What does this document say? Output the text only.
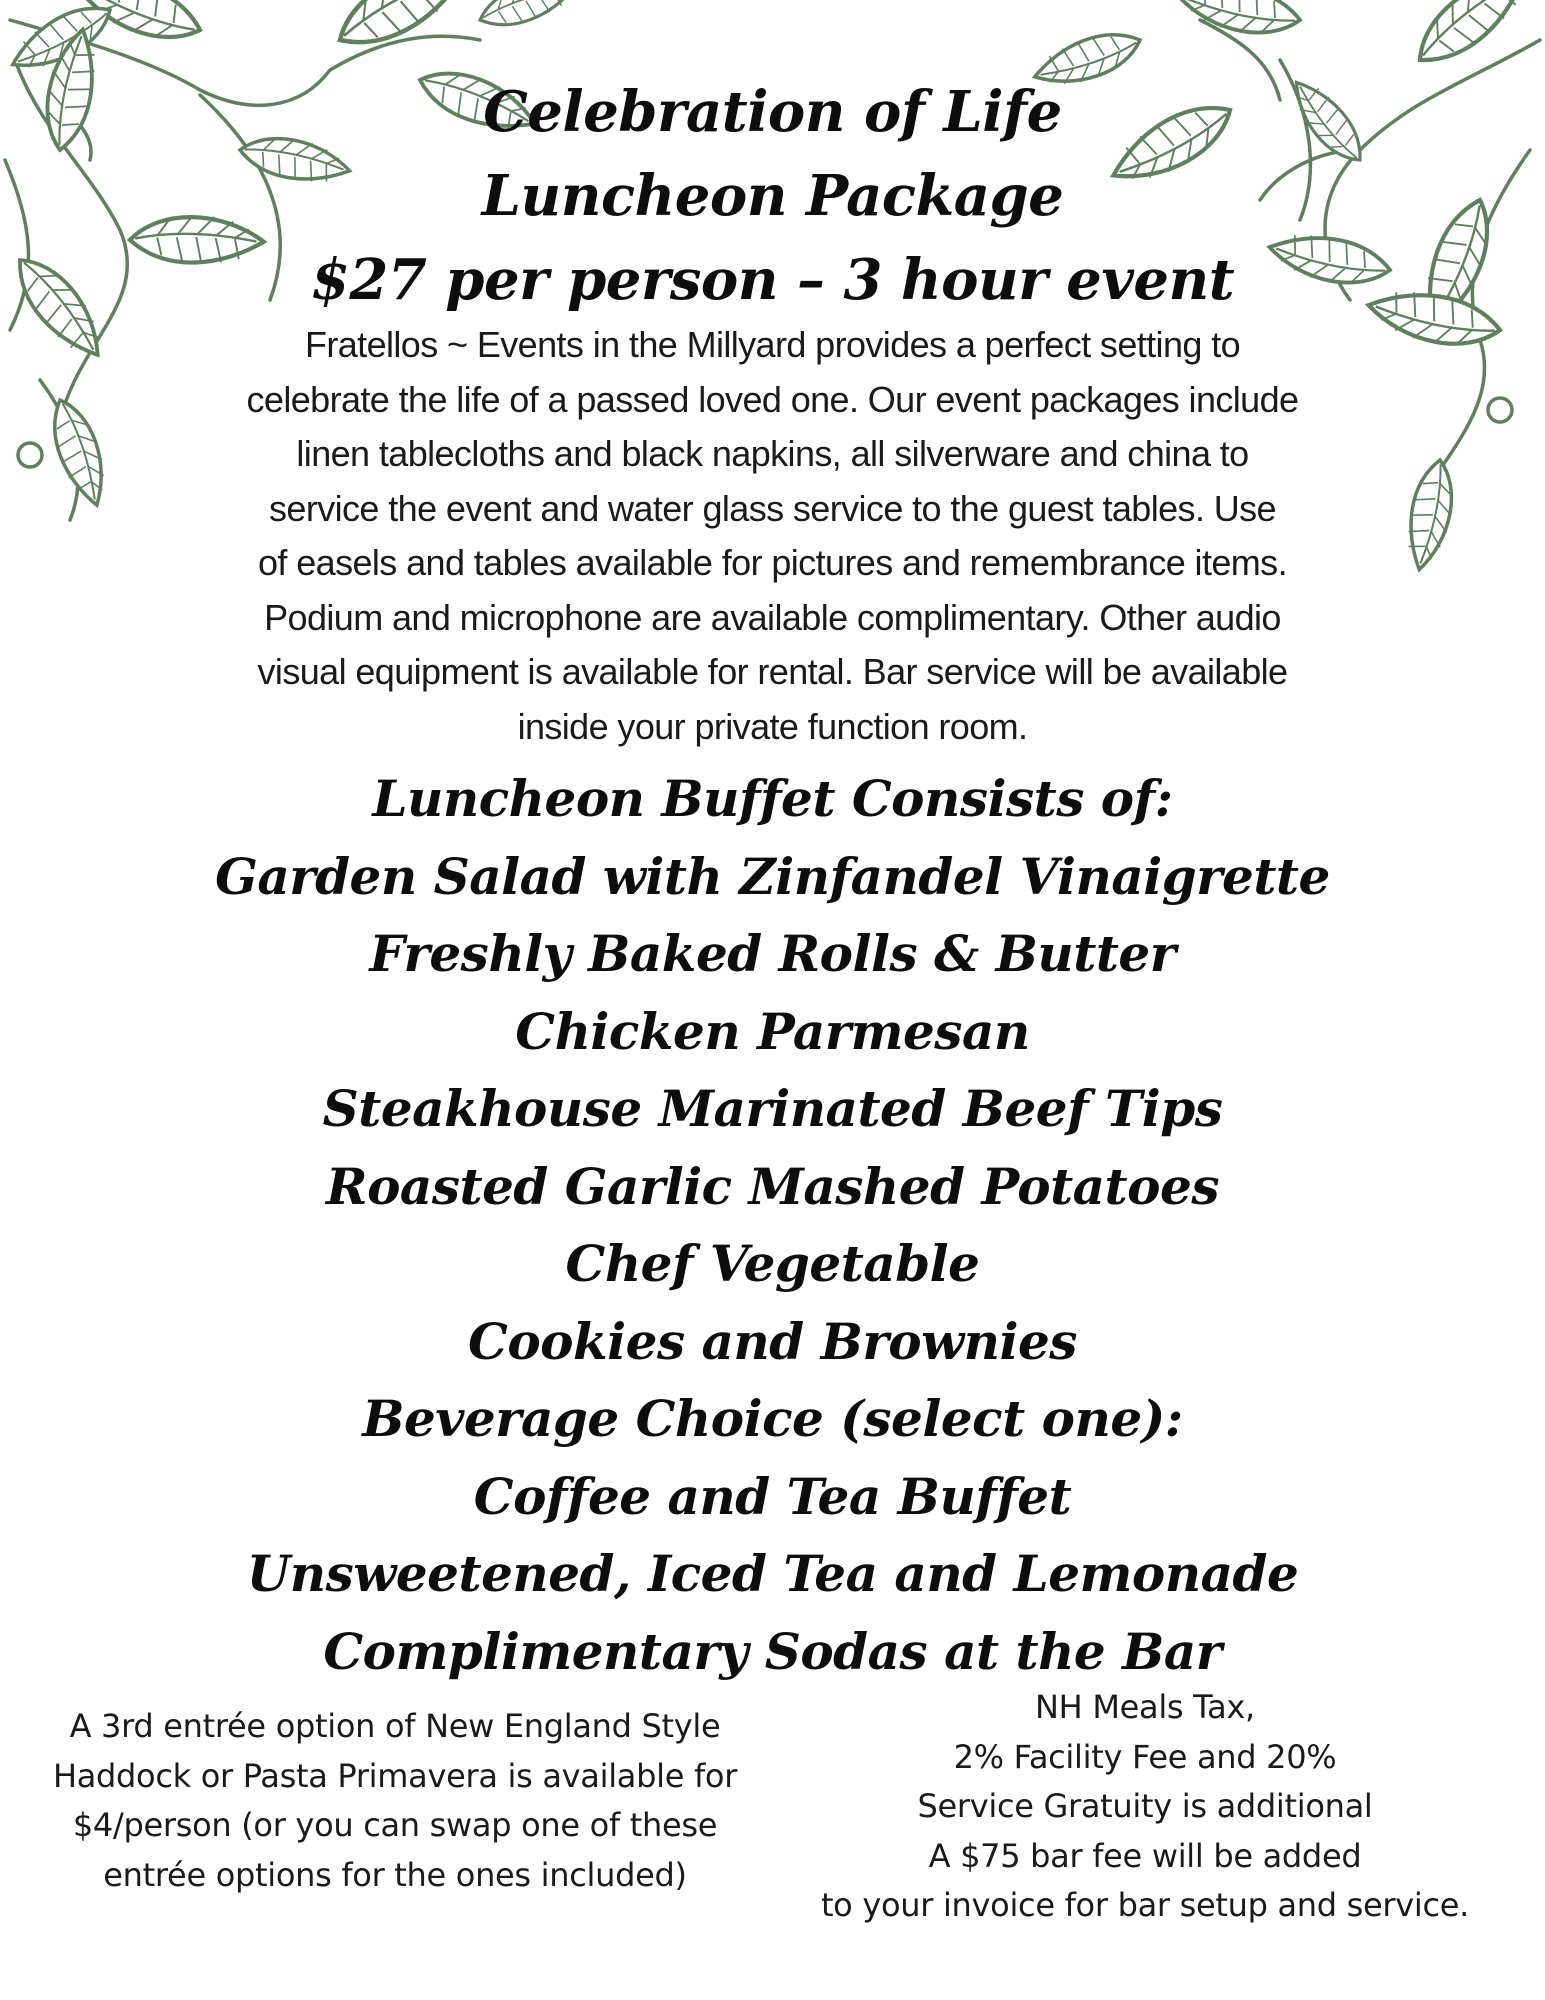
Celebration of Life
Luncheon Package
$27 per person – 3 hour event

Fratellos ~ Events in the Millyard provides a perfect setting to
celebrate the life of a passed loved one. Our event packages include
linen tablecloths and black napkins, all silverware and china to
service the event and water glass service to the guest tables. Use
of easels and tables available for pictures and remembrance items.
Podium and microphone are available complimentary. Other audio
visual equipment is available for rental. Bar service will be available
inside your private function room.

Luncheon Buffet Consists of:
Garden Salad with Zinfandel Vinaigrette
Freshly Baked Rolls & Butter
Chicken Parmesan
Steakhouse Marinated Beef Tips
Roasted Garlic Mashed Potatoes
Chef Vegetable
Cookies and Brownies
Beverage Choice (select one):
Coffee and Tea Buffet
Unsweetened, Iced Tea and Lemonade
Complimentary Sodas at the Bar

A 3rd entrée option of New England Style
Haddock or Pasta Primavera is available for
$4/person (or you can swap one of these
entrée options for the ones included)

NH Meals Tax,
2% Facility Fee and 20%
Service Gratuity is additional
A $75 bar fee will be added
to your invoice for bar setup and service.
